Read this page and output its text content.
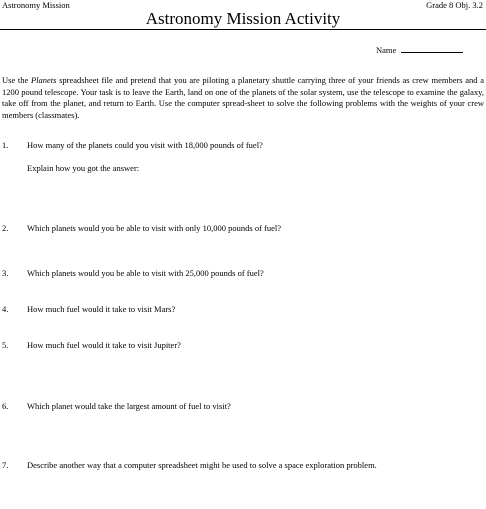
Astronomy Mission	Grade 8 Obj. 3.2
Astronomy Mission Activity
Name
Use the Planets spreadsheet file and pretend that you are piloting a planetary shuttle carrying three of your friends as crew members and a 1200 pound telescope. Your task is to leave the Earth, land on one of the planets of the solar system, use the telescope to examine the galaxy, take off from the planet, and return to Earth. Use the computer spread-sheet to solve the following problems with the weights of your crew members (classmates).
1. How many of the planets could you visit with 18,000 pounds of fuel?
Explain how you got the answer:
2. Which planets would you be able to visit with only 10,000 pounds of fuel?
3. Which planets would you be able to visit with 25,000 pounds of fuel?
4. How much fuel would it take to visit Mars?
5. How much fuel would it take to visit Jupiter?
6. Which planet would take the largest amount of fuel to visit?
7. Describe another way that a computer spreadsheet might be used to solve a space exploration problem.
